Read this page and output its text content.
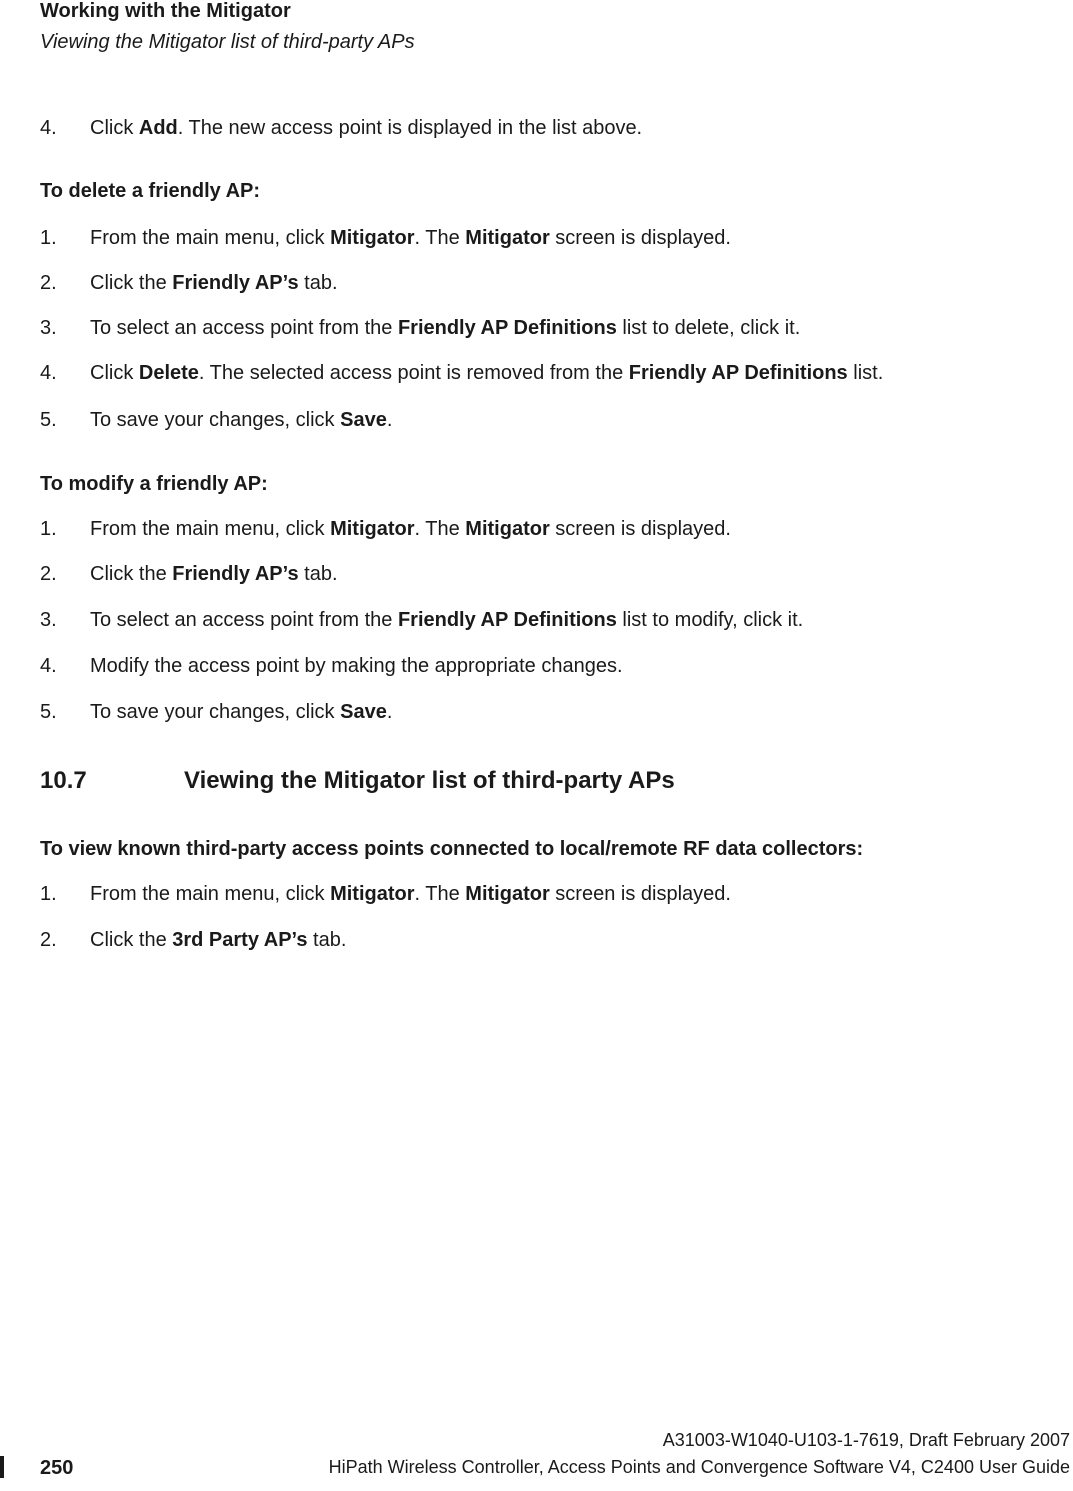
Working with the Mitigator
Viewing the Mitigator list of third-party APs
4. Click Add. The new access point is displayed in the list above.
To delete a friendly AP:
1. From the main menu, click Mitigator. The Mitigator screen is displayed.
2. Click the Friendly AP’s tab.
3. To select an access point from the Friendly AP Definitions list to delete, click it.
4. Click Delete. The selected access point is removed from the Friendly AP Definitions list.
5. To save your changes, click Save.
To modify a friendly AP:
1. From the main menu, click Mitigator. The Mitigator screen is displayed.
2. Click the Friendly AP’s tab.
3. To select an access point from the Friendly AP Definitions list to modify, click it.
4. Modify the access point by making the appropriate changes.
5. To save your changes, click Save.
10.7	Viewing the Mitigator list of third-party APs
To view known third-party access points connected to local/remote RF data collectors:
1. From the main menu, click Mitigator. The Mitigator screen is displayed.
2. Click the 3rd Party AP’s tab.
250
A31003-W1040-U103-1-7619, Draft February 2007
HiPath Wireless Controller, Access Points and Convergence Software V4, C2400 User Guide
